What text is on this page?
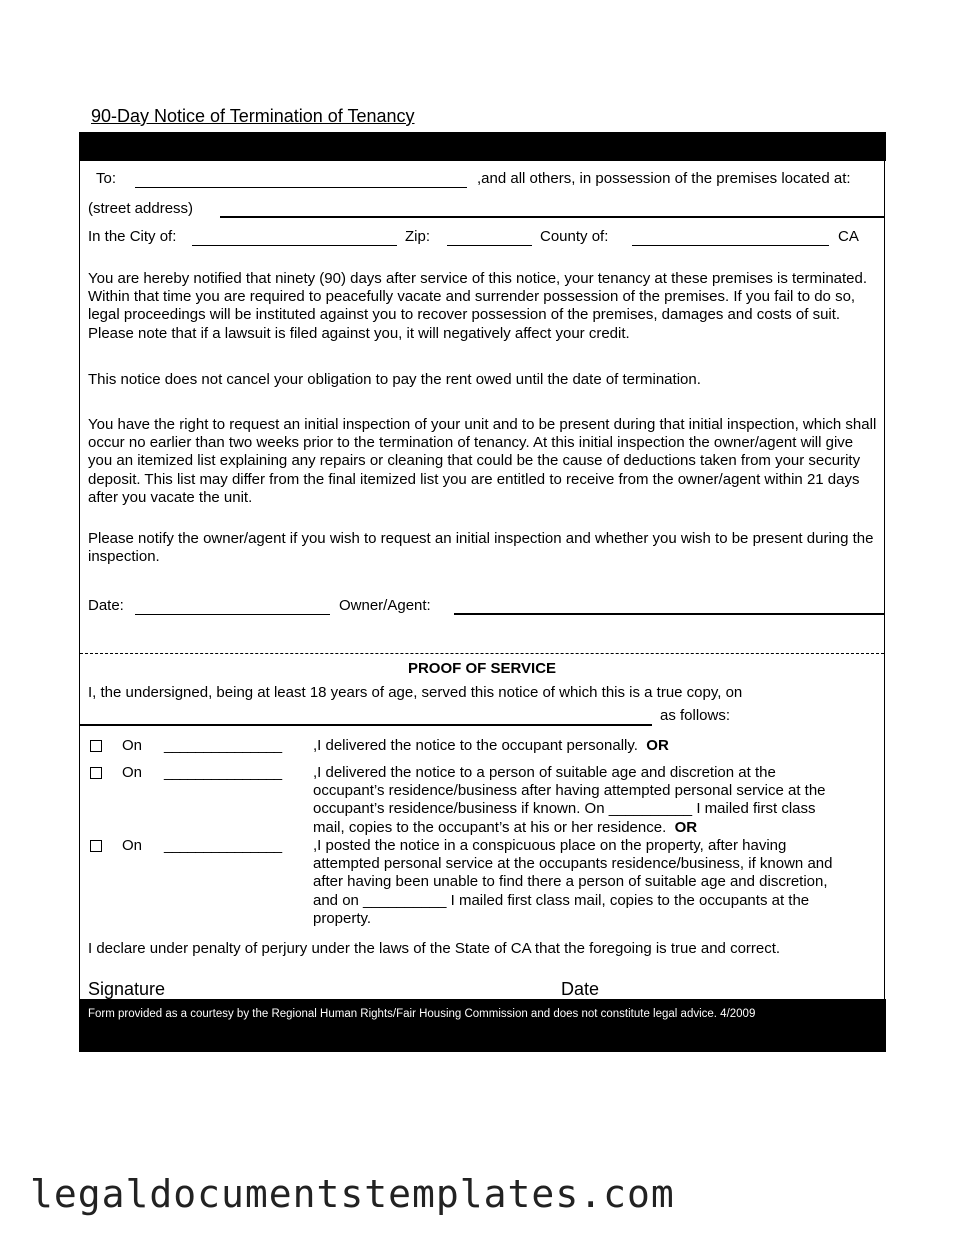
90-Day Notice of Termination of Tenancy
To:	,and all others, in possession of the premises located at:
(street address)
In the City of:	Zip:	County of:	CA
You are hereby notified that ninety (90) days after service of this notice, your tenancy at these premises is terminated. Within that time you are required to peacefully vacate and surrender possession of the premises. If you fail to do so, legal proceedings will be instituted against you to recover possession of the premises, damages and costs of suit. Please note that if a lawsuit is filed against you, it will negatively affect your credit.
This notice does not cancel your obligation to pay the rent owed until the date of termination.
You have the right to request an initial inspection of your unit and to be present during that initial inspection, which shall occur no earlier than two weeks prior to the termination of tenancy. At this initial inspection the owner/agent will give you an itemized list explaining any repairs or cleaning that could be the cause of deductions taken from your security deposit. This list may differ from the final itemized list you are entitled to receive from the owner/agent within 21 days after you vacate the unit.
Please notify the owner/agent if you wish to request an initial inspection and whether you wish to be present during the inspection.
Date:	Owner/Agent:
PROOF OF SERVICE
I, the undersigned, being at least 18 years of age, served this notice of which this is a true copy, on
as follows:
On _______________ ,I delivered the notice to the occupant personally. OR
On _______________ ,I delivered the notice to a person of suitable age and discretion at the
occupant’s residence/business after having attempted personal service at the
occupant’s residence/business if known. On __________ I mailed first class
mail, copies to the occupant’s at his or her residence. OR
On _______________ ,I posted the notice in a conspicuous place on the property, after having
attempted personal service at the occupants residence/business, if known and
after having been unable to find there a person of suitable age and discretion,
and on __________ I mailed first class mail, copies to the occupants at the
property.
I declare under penalty of perjury under the laws of the State of CA that the foregoing is true and correct.
Signature	Date
Form provided as a courtesy by the Regional Human Rights/Fair Housing Commission and does not constitute legal advice. 4/2009
legaldocumentstemplates.com
